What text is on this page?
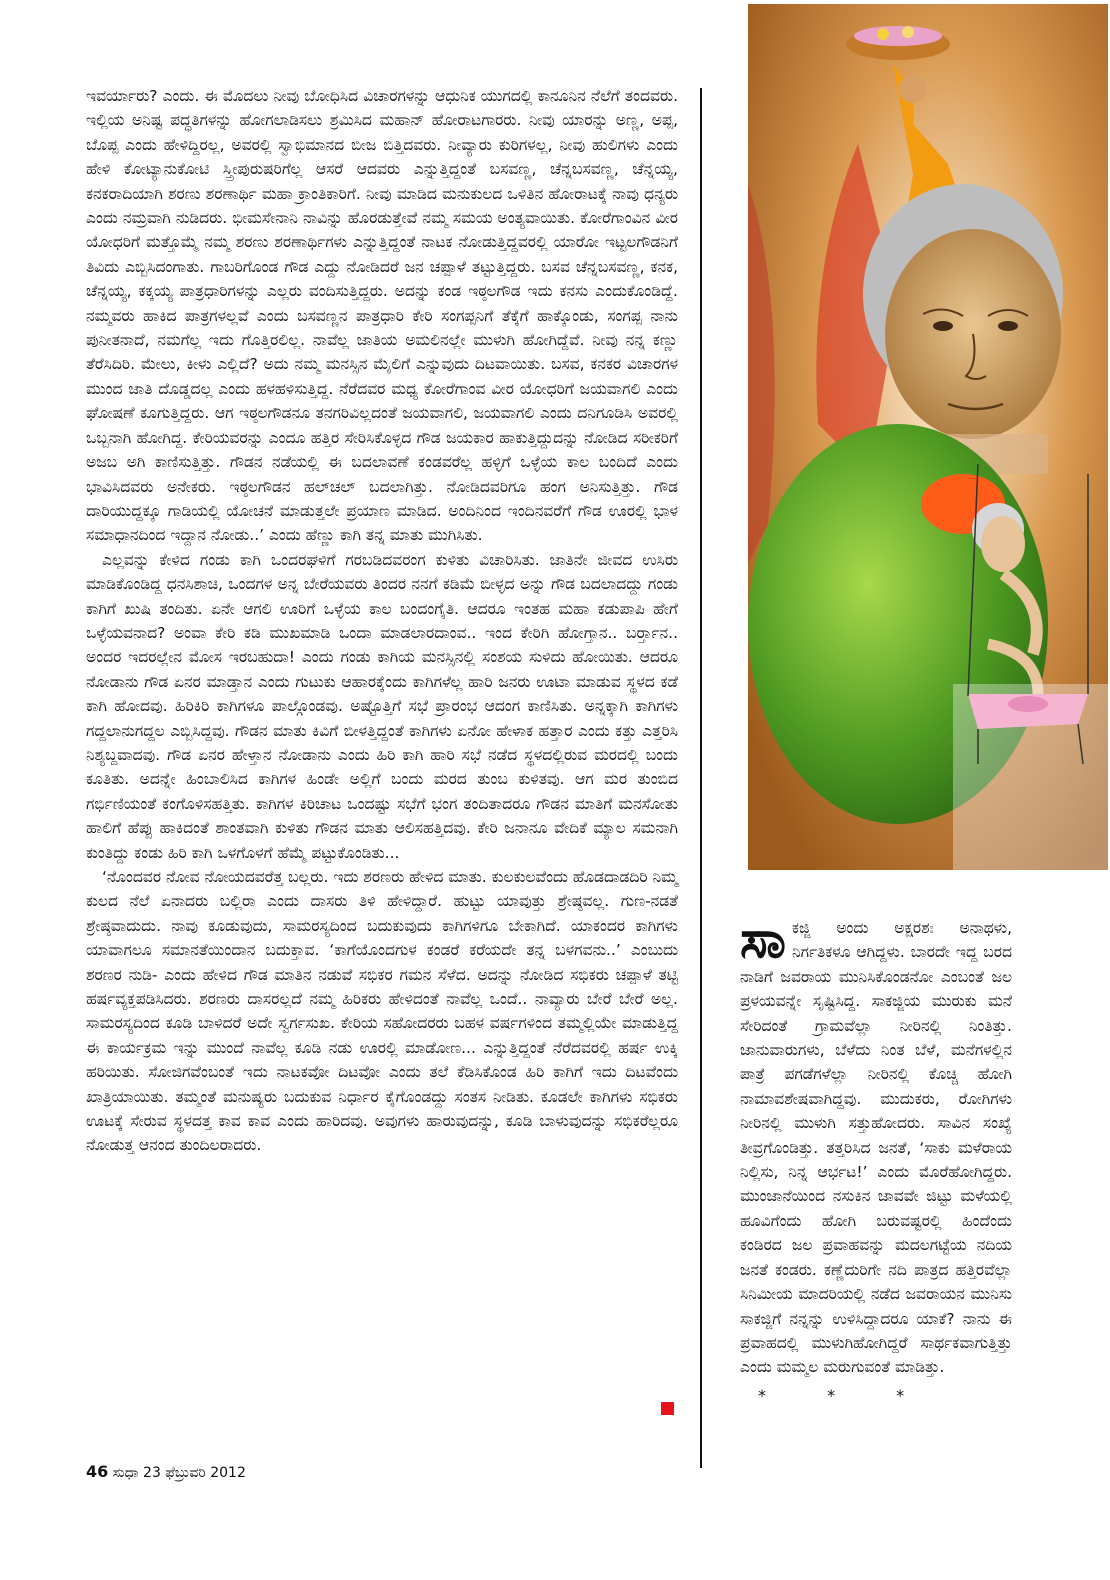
ಇವರ್ಯಾರು? ಎಂದು. ಈ ಮೊದಲು ನೀವು ಬೋಧಿಸಿದ ವಿಚಾರಗಳನ್ನು ಆಧುನಿಕ ಯುಗದಲ್ಲಿ ಕಾನೂನಿನ ನೆಲೆಗೆ ತಂದವರು. ಇಲ್ಲಿಯ ಅನಿಷ್ಟ ಪದ್ಧತಿಗಳನ್ನು ಹೋಗಲಾಡಿಸಲು ಶ್ರಮಿಸಿದ ಮಹಾನ್ ಹೋರಾಟಗಾರರು. ನೀವು ಯಾರನ್ನು ಅಣ್ಣ, ಅಪ್ಪ, ಬೊಪ್ಪ ಎಂದು ಹೇಳಿದ್ದಿರಲ್ಲ, ಅವರಲ್ಲಿ ಸ್ವಾಭಿಮಾನದ ಬೀಜ ಬಿತ್ತಿದವರು. ನೀವ್ಯಾರು ಕುರಿಗಳಲ್ಲ, ನೀವು ಹುಲಿಗಳು ಎಂದು ಹೇಳಿ ಕೋಟ್ಯಾನುಕೋಟಿ ಸ್ತ್ರೀಪುರುಷರಿಗೆಲ್ಲ ಆಸರೆ ಆದವರು ಎನ್ನುತ್ತಿದ್ದಂತೆ ಬಸವಣ್ಣ, ಚೆನ್ನಬಸವಣ್ಣ, ಚೆನ್ನಯ್ಯ, ಕನಕರಾದಿಯಾಗಿ ಶರಣು ಶರಣಾರ್ಥಿ ಮಹಾ ಕ್ರಾಂತಿಕಾರಿಗೆ. ನೀವು ಮಾಡಿದ ಮನುಕುಲದ ಒಳಿತಿನ ಹೋರಾಟಕ್ಕೆ ನಾವು ಧನ್ಯರು ಎಂದು ನಮ್ರವಾಗಿ ನುಡಿದರು. ಭೀಮಸೇನಾನಿ ನಾವಿನ್ನು ಹೊರಡುತ್ತೇವೆ ನಮ್ಮ ಸಮಯ ಅಂತ್ಯವಾಯಿತು. ಕೋರೆಗಾಂವಿನ ವೀರ ಯೋಧರಿಗೆ ಮತ್ತೊಮ್ಮೆ ನಮ್ಮ ಶರಣು ಶರಣಾರ್ಥಿಗಳು ಎನ್ನುತ್ತಿದ್ದಂತೆ ನಾಟಕ ನೋಡುತ್ತಿದ್ದವರಲ್ಲಿ ಯಾರೋ ಇಟ್ಟಲಗೌಡನಿಗೆ ತಿವಿದು ಎಬ್ಬಿಸಿದಂಗಾತು. ಗಾಬರಿಗೊಂಡ ಗೌಡ ಎದ್ದು ನೋಡಿದರೆ ಜನ ಚಪ್ಪಾಳೆ ತಟ್ಟುತ್ತಿದ್ದರು. ಬಸವ ಚೆನ್ನಬಸವಣ್ಣ, ಕನಕ, ಚೆನ್ನಯ್ಯ, ಕಕ್ಕಯ್ಯ ಪಾತ್ರಧಾರಿಗಳನ್ನು ಎಲ್ಲರು ವಂದಿಸುತ್ತಿದ್ದರು. ಅದನ್ನು ಕಂಡ ಇಠ್ಠಲಗೌಡ ಇದು ಕನಸು ಎಂದುಕೊಂಡಿದ್ದೆ. ನಮ್ಮವರು ಹಾಕಿದ ಪಾತ್ರಗಳಲ್ಲವೆ ಎಂದು ಬಸವಣ್ಣನ ಪಾತ್ರಧಾರಿ ಕೇರಿ ಸಂಗಪ್ಪನಿಗೆ ತೆಕ್ಕೆಗೆ ಹಾಕ್ಕೊಂಡು, ಸಂಗಪ್ಪ ನಾನು ಪುನೀತನಾದೆ, ನಮಗೆಲ್ಲ ಇದು ಗೊತ್ತಿರಲಿಲ್ಲ. ನಾವೆಲ್ಲ ಜಾತಿಯ ಅಮಲಿನಲ್ಲೇ ಮುಳುಗಿ ಹೋಗಿದ್ದೆವೆ. ನೀವು ನನ್ನ ಕಣ್ಣು ತೆರೆಸಿದಿರಿ. ಮೇಲು, ಕೀಳು ಎಲ್ಲಿದೆ? ಅದು ನಮ್ಮ ಮನಸ್ಸಿನ ಮೈಲಿಗೆ ಎನ್ನುವುದು ದಿಟವಾಯಿತು. ಬಸವ, ಕನಕರ ವಿಚಾರಗಳ ಮುಂದ ಜಾತಿ ದೊಡ್ಡದಲ್ಲ ಎಂದು ಹಳಹಳಿಸುತ್ತಿದ್ದ. ನೆರೆದವರ ಮಧ್ಯ ಕೋರೆಗಾಂವ ವೀರ ಯೋಧರಿಗೆ ಜಯವಾಗಲಿ ಎಂದು ಘೋಷಣೆ ಕೂಗುತ್ತಿದ್ದರು. ಆಗ ಇಠ್ಠಲಗೌಡನೂ ತನಗರಿವಿಲ್ಲದಂತೆ ಜಯವಾಗಲಿ, ಜಯವಾಗಲಿ ಎಂದು ದನಿಗೂಡಿಸಿ ಅವರಲ್ಲಿ ಒಬ್ಬನಾಗಿ ಹೋಗಿದ್ದ. ಕೇರಿಯವರನ್ನು ಎಂದೂ ಹತ್ತಿರ ಸೇರಿಸಿಕೊಳ್ಳದ ಗೌಡ ಜಯಕಾರ ಹಾಕುತ್ತಿದ್ದುದನ್ನು ನೋಡಿದ ಸರೀಕರಿಗೆ ಅಜಬ ಅಗಿ ಕಾಣಿಸುತ್ತಿತ್ತು. ಗೌಡನ ನಡೆಯಲ್ಲಿ ಈ ಬದಲಾವಣೆ ಕಂಡವರೆಲ್ಲ ಹಳ್ಳಿಗೆ ಒಳ್ಳೆಯ ಕಾಲ ಬಂದಿದೆ ಎಂದು ಭಾವಿಸಿದವರು ಅನೇಕರು. ಇಠ್ಠಲಗೌಡನ ಹಲ್‌ಚಲ್ ಬದಲಾಗಿತ್ತು. ನೋಡಿದವರಿಗೂ ಹಂಗ ಅನಿಸುತ್ತಿತ್ತು. ಗೌಡ ದಾರಿಯುದ್ದಕ್ಕೂ ಗಾಡಿಯಲ್ಲಿ ಯೋಚನೆ ಮಾಡುತ್ತಲೇ ಪ್ರಯಾಣ ಮಾಡಿದ. ಅಂದಿನಿಂದ ಇಂದಿನವರೆಗೆ ಗೌಡ ಊರಲ್ಲಿ ಭಾಳ ಸಮಾಧಾನದಿಂದ ಇದ್ದಾನ ನೋಡು..’ ಎಂದು ಹೆಣ್ಣು ಕಾಗಿ ತನ್ನ ಮಾತು ಮುಗಿಸಿತು.

ಎಲ್ಲವನ್ನು ಕೇಳಿದ ಗಂಡು ಕಾಗಿ ಒಂದರಘಳಿಗೆ ಗರಬಡಿದವರಂಗ ಕುಳಿತು ವಿಚಾರಿಸಿತು. ಜಾತಿನೇ ಜೀವದ ಉಸಿರು ಮಾಡಿಕೊಂಡಿದ್ದ ಧನಸಿಶಾಚಿ, ಒಂದಗಳ ಅನ್ನ ಬೇರೆಯವರು ತಿಂದರ ನನಗೆ ಕಡಿಮೆ ಬೀಳ್ಳದ ಅನ್ನು ಗೌಡ ಬದಲಾದದ್ದು ಗಂಡು ಕಾಗಿಗೆ ಖುಷಿ ತಂದಿತು. ಏನೇ ಆಗಲಿ ಊರಿಗೆ ಒಳ್ಳೆಯ ಕಾಲ ಬಂದಂಗೈತಿ. ಆದರೂ ಇಂತಹ ಮಹಾ ಕಡುಪಾಪಿ ಹೇಗೆ ಒಳ್ಳೆಯವನಾದ? ಅಂವಾ ಕೇರಿ ಕಡಿ ಮುಖಮಾಡಿ ಒಂದಾ ಮಾಡಲಾರದಾಂವ.. ಇಂದ ಕೇರಿಗಿ ಹೋಗ್ತಾನ.. ಬರ್ರ್ತಾನ.. ಅಂದರ ಇದರಲ್ಲೇನ ಮೋಸ ಇರಬಹುದಾ! ಎಂದು ಗಂಡು ಕಾಗಿಯ ಮನಸ್ಸಿನಲ್ಲಿ ಸಂಶಯ ಸುಳಿದು ಹೋಯಿತು. ಆದರೂ ನೋಡಾನು ಗೌಡ ಏನರ ಮಾಡ್ತಾನ ಎಂದು ಗುಟುಕು ಆಹಾರಕ್ಕೆಂದು ಕಾಗಿಗಳೆಲ್ಲ ಹಾರಿ ಜನರು ಊಟಾ ಮಾಡುವ ಸ್ಥಳದ ಕಡೆ ಕಾಗಿ ಹೋದವು. ಹಿರಿಕಿರಿ ಕಾಗಿಗಳೂ ಪಾಲ್ಗೊಂಡವು. ಅಷ್ಟೊತ್ತಿಗೆ ಸಭೆ ಪ್ರಾರಂಭ ಆದಂಗ ಕಾಣಿಸಿತು. ಅನ್ನಕ್ಕಾಗಿ ಕಾಗಿಗಳು ಗದ್ದಲಾನುಗದ್ದಲ ಎಬ್ಬಿಸಿದ್ದವು. ಗೌಡನ ಮಾತು ಕಿವಿಗೆ ಬೀಳತ್ತಿದ್ದಂತೆ ಕಾಗಿಗಳು ಏನೋ ಹೇಳಾಕ ಹತ್ತಾರ ಎಂದು ಕತ್ತು ಎತ್ತರಿಸಿ ನಿಶ್ಯಬ್ದವಾದವು. ಗೌಡ ಏನರ ಹೇಳ್ತಾನ ನೋಡಾನು ಎಂದು ಹಿರಿ ಕಾಗಿ ಹಾರಿ ಸಭೆ ನಡೆದ ಸ್ಥಳದಲ್ಲಿರುವ ಮರದಲ್ಲಿ ಬಂದು ಕೂತಿತು. ಅದನ್ನೇ ಹಿಂಬಾಲಿಸಿದ ಕಾಗಿಗಳ ಹಿಂಡೇ ಅಲ್ಲಿಗೆ ಬಂದು ಮರದ ತುಂಬ ಕುಳಿತವು. ಆಗ ಮರ ತುಂಬಿದ ಗರ್ಭಿಣಿಯಂತೆ ಕಂಗೊಳಿಸಹತ್ತಿತು. ಕಾಗಿಗಳ ಕಿರಿಚಾಟ ಒಂದಷ್ಟು ಸಭೆಗೆ ಭಂಗ ತಂದಿತಾದರೂ ಗೌಡನ ಮಾತಿಗೆ ಮನಸೋತು ಹಾಲಿಗೆ ಹೆಪ್ಪು ಹಾಕಿದಂತೆ ಶಾಂತವಾಗಿ ಕುಳಿತು ಗೌಡನ ಮಾತು ಆಲಿಸಹತ್ತಿದವು. ಕೇರಿ ಜನಾನೂ ವೇದಿಕೆ ಮ್ಯಾಲ ಸಮನಾಗಿ ಕುಂತಿದ್ದು ಕಂಡು ಹಿರಿ ಕಾಗಿ ಒಳಗೊಳಗೆ ಹೆಮ್ಮೆ ಪಟ್ಟುಕೊಂಡಿತು...

‘ನೊಂದವರ ನೋವ ನೋಯದವರೆತ್ತ ಬಲ್ಲರು. ಇದು ಶರಣರು ಹೇಳಿದ ಮಾತು. ಕುಲಕುಲವೆಂದು ಹೊಡದಾಡದಿರಿ ನಿಮ್ಮ ಕುಲದ ನೆಲೆ ಏನಾದರು ಬಲ್ಲಿರಾ ಎಂದು ದಾಸರು ತಿಳಿ ಹೇಳಿದ್ದಾರೆ. ಹುಟ್ಟು ಯಾವುತ್ತು ಶ್ರೇಷ್ಠವಲ್ಲ. ಗುಣ-ನಡತೆ ಶ್ರೇಷ್ಠವಾದುದು. ನಾವು ಕೂಡುವುದು, ಸಾಮರಸ್ಯದಿಂದ ಬದುಕುವುದು ಕಾಗಿಗಳಿಗೂ ಬೇಕಾಗಿದೆ. ಯಾಕಂದರ ಕಾಗಿಗಳು ಯಾವಾಗಲೂ ಸಮಾನತೆಯಿಂದಾನ ಬದುಕ್ತಾವ. ‘ಕಾಗೆಯೊಂದಗುಳ ಕಂಡರೆ ಕರೆಯದೇ ತನ್ನ ಬಳಗವನು..’ ಎಂಬುದು ಶರಣರ ನುಡಿ- ಎಂದು ಹೇಳಿದ ಗೌಡ ಮಾತಿನ ನಡುವೆ ಸಭಿಕರ ಗಮನ ಸೆಳೆದ. ಅದನ್ನು ನೋಡಿದ ಸಭಿಕರು ಚಪ್ಪಾಳೆ ತಟ್ಟಿ ಹರ್ಷವ್ಯಕ್ತಪಡಿಸಿದರು. ಶರಣರು ದಾಸರಲ್ಲದೆ ನಮ್ಮ ಹಿರಿಕರು ಹೇಳಿದಂತೆ ನಾವೆಲ್ಲ ಒಂದೆ.. ನಾವ್ಯಾರು ಬೇರೆ ಬೇರೆ ಅಲ್ಲ. ಸಾಮರಸ್ಯದಿಂದ ಕೂಡಿ ಬಾಳಿದರೆ ಅದೇ ಸ್ವರ್ಗಸುಖ. ಕೇರಿಯ ಸಹೋದರರು ಬಹಳ ವರ್ಷಗಳಿಂದ ತಮ್ಮಲ್ಲಿಯೇ ಮಾಡುತ್ತಿದ್ದ ಈ ಕಾರ್ಯಕ್ರಮ ಇನ್ನು ಮುಂದೆ ನಾವೆಲ್ಲ ಕೂಡಿ ನಡು ಊರಲ್ಲಿ ಮಾಡೋಣ... ಎನ್ನುತ್ತಿದ್ದಂತೆ ನೆರೆದವರಲ್ಲಿ ಹರ್ಷ ಉಕ್ಕಿ ಹರಿಯಿತು. ಸೋಜಿಗವೆಂಬಂತೆ ಇದು ನಾಟಕವೋ ದಿಟವೋ ಎಂದು ತಲೆ ಕೆಡಿಸಿಕೊಂಡ ಹಿರಿ ಕಾಗಿಗೆ ಇದು ದಿಟವೆಂದು ಖಾತ್ರಿಯಾಯಿತು. ತಮ್ಮಂತೆ ಮನುಷ್ಯರು ಬದುಕುವ ನಿರ್ಧಾರ ಕೈಗೊಂಡದ್ದು ಸಂತಸ ನೀಡಿತು. ಕೂಡಲೇ ಕಾಗಿಗಳು ಸಭಿಕರು ಊಟಕ್ಕೆ ಸೇರುವ ಸ್ಥಳದತ್ತ ಕಾವ ಕಾವ ಎಂದು ಹಾರಿದವು. ಅವುಗಳು ಹಾರುವುದನ್ನು, ಕೂಡಿ ಬಾಳುವುದನ್ನು ಸಭಿಕರೆಲ್ಲರೂ ನೋಡುತ್ತ ಆನಂದ ತುಂದಿಲರಾದರು.

ಸಾಕಜ್ಜಿ ಅಂದು ಅಕ್ಷರಶಃ ಅನಾಥಳು, ನಿರ್ಗತಿಕಳೂ ಆಗಿದ್ದಳು. ಬಾರದೇ ಇದ್ದ ಬರದ ನಾಡಿಗೆ ಜವರಾಯ ಮುನಿಸಿಕೊಂಡನೋ ಎಂಬಂತೆ ಜಲ ಪ್ರಳಯವನ್ನೇ ಸೃಷ್ಟಿಸಿದ್ದ. ಸಾಕಜ್ಜಿಯ ಮುರುಕು ಮನೆ ಸೇರಿದಂತೆ ಗ್ರಾಮವೆಲ್ಲಾ ನೀರಿನಲ್ಲಿ ನಿಂತಿತ್ತು. ಜಾನುವಾರುಗಳು, ಬೆಳೆದು ನಿಂತ ಬೆಳೆ, ಮನೆಗಳಲ್ಲಿನ ಪಾತ್ರೆ ಪಗಡೆಗಳೆಲ್ಲಾ ನೀರಿನಲ್ಲಿ ಕೊಚ್ಚಿ ಹೋಗಿ ನಾಮಾವಶೇಷವಾಗಿದ್ದವು. ಮುದುಕರು, ರೋಗಿಗಳು ನೀರಿನಲ್ಲಿ ಮುಳುಗಿ ಸತ್ತುಹೋದರು. ಸಾವಿನ ಸಂಖ್ಯೆ ತೀವ್ರಗೊಂಡಿತ್ತು. ತತ್ತರಿಸಿದ ಜನತೆ, ‘ಸಾಕು ಮಳೆರಾಯ ನಿಲ್ಲಿಸು, ನಿನ್ನ ಆರ್ಭಟ!’ ಎಂದು ಮೊರೆಹೋಗಿದ್ದರು. ಮುಂಜಾನೆಯಿಂದ ನಸುಕಿನ ಜಾವವೇ ಜಿಟ್ಟು ಮಳೆಯಲ್ಲಿ ಹೂವಿಗೆಂದು ಹೋಗಿ ಬರುವಷ್ಟರಲ್ಲಿ ಹಿಂದೆಂದು ಕಂಡಿರದ ಜಲ ಪ್ರವಾಹವನ್ನು ಮದಲಗಟ್ಟೆಯ ನದಿಯ ಜನತೆ ಕಂಡರು. ಕಣ್ಣೆದುರಿಗೇ ನದಿ ಪಾತ್ರದ ಹತ್ತಿರವೆಲ್ಲಾ ಸಿನಿಮೀಯ ಮಾದರಿಯಲ್ಲಿ ನಡೆದ ಜವರಾಯನ ಮುನಿಸು ಸಾಕಜ್ಜಿಗೆ ನನ್ನನ್ನು ಉಳಿಸಿದ್ದಾದರೂ ಯಾಕೆ? ನಾನು ಈ ಪ್ರವಾಹದಲ್ಲಿ ಮುಳುಗಿಹೋಗಿದ್ದರೆ ಸಾರ್ಥಕವಾಗುತ್ತಿತ್ತು ಎಂದು ಮಮ್ಮಲ ಮರುಗುವಂತೆ ಮಾಡಿತ್ತು.

* * *
46 ಸುಧಾ 23 ಫೆಬ್ರುವರಿ 2012
